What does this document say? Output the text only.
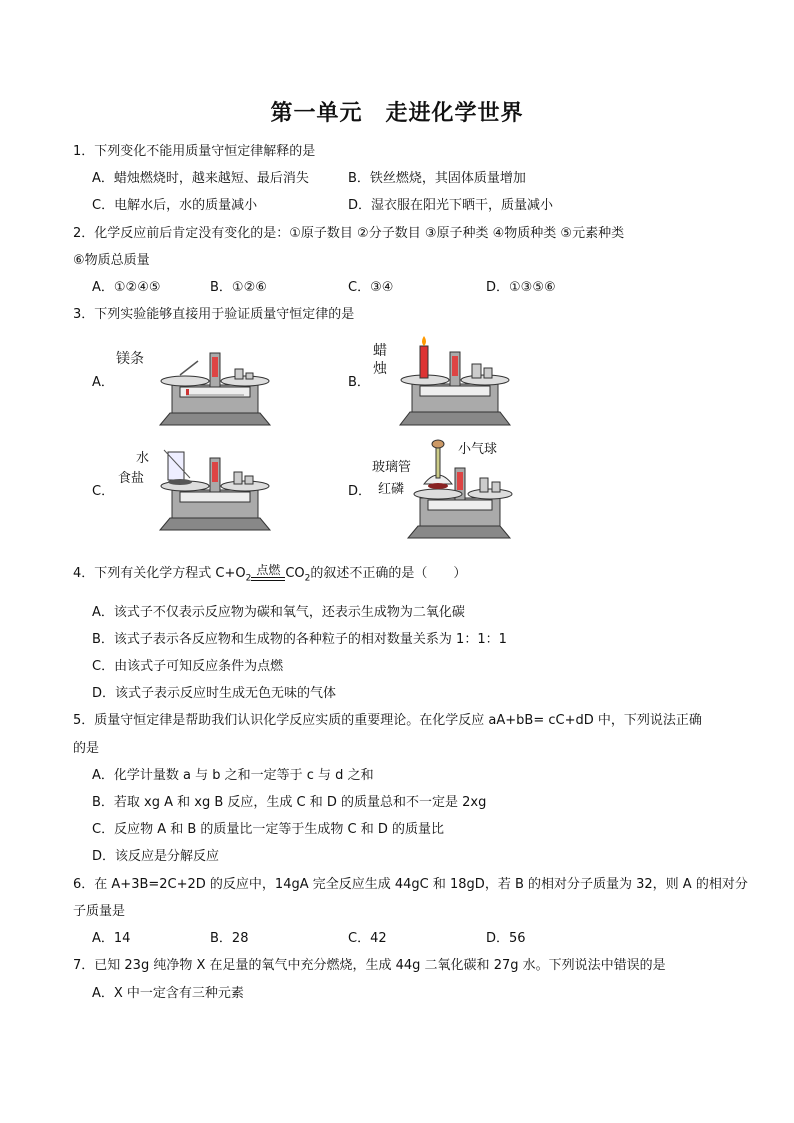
第一单元　走进化学世界
1．下列变化不能用质量守恒定律解释的是
A．蜡烛燃烧时，越来越短、最后消失	B．铁丝燃烧，其固体质量增加
C．电解水后，水的质量减小	D．湿衣服在阳光下晒干，质量减小
2．化学反应前后肯定没有变化的是：①原子数目 ②分子数目 ③原子种类 ④物质种类 ⑤元素种类
⑥物质总质量
A．①②④⑤	B．①②⑥	C．③④	D．①③⑤⑥
3．下列实验能够直接用于验证质量守恒定律的是
A．
镁条
B．
蜡
烛
C．
水
食盐
D．
小气球
玻璃管
红磷
4．下列有关化学方程式 $C+O_2$
点燃 $CO_2$的叙述不正确的是（　　）
A．该式子不仅表示反应物为碳和氧气，还表示生成物为二氧化碳
B．该式子表示各反应物和生成物的各种粒子的相对数量关系为 1：1：1
C．由该式子可知反应条件为点燃
D．该式子表示反应时生成无色无味的气体
5．质量守恒定律是帮助我们认识化学反应实质的重要理论。在化学反应 aA+bB= cC+dD 中，下列说法正确
的是
A．化学计量数 a 与 b 之和一定等于 c 与 d 之和
B．若取 xg A 和 xg B 反应，生成 C 和 D 的质量总和不一定是 2xg
C．反应物 A 和 B 的质量比一定等于生成物 C 和 D 的质量比
D．该反应是分解反应
6．在 A+3B=2C+2D 的反应中，14gA 完全反应生成 44gC 和 18gD，若 B 的相对分子质量为 32，则 A 的相对分
子质量是
A．14	B．28	C．42	D．56
7．已知 23g 纯净物 X 在足量的氧气中充分燃烧，生成 44g 二氧化碳和 27g 水。下列说法中错误的是
A．X 中一定含有三种元素
